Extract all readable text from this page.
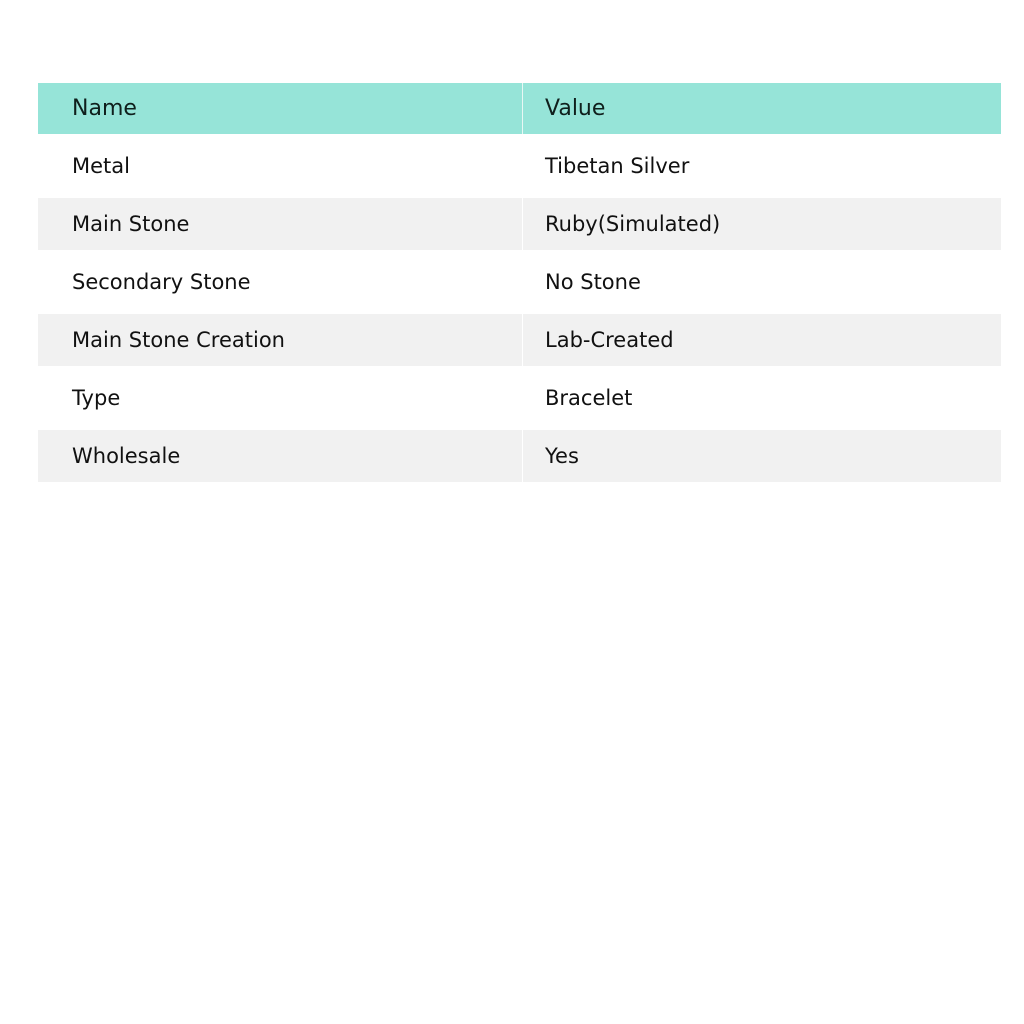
Name	Value
Metal	Tibetan Silver
Main Stone	Ruby(Simulated)
Secondary Stone	No Stone
Main Stone Creation	Lab-Created
Type	Bracelet
Wholesale	Yes
